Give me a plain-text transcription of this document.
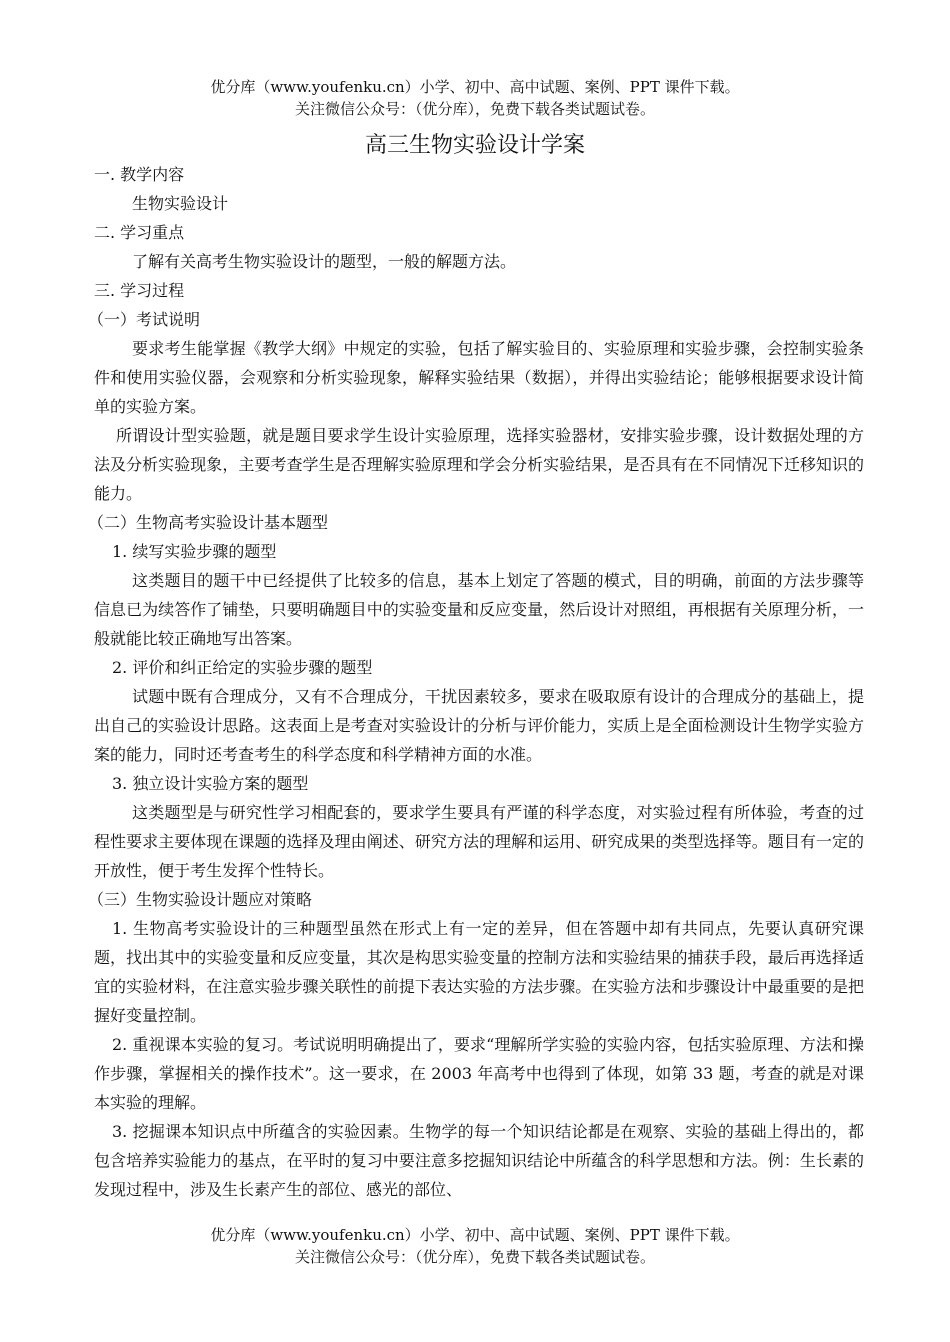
优分库（www.youfenku.cn）小学、初中、高中试题、案例、PPT 课件下载。
关注微信公众号：（优分库），免费下载各类试题试卷。
高三生物实验设计学案
一. 教学内容
生物实验设计
二. 学习重点
了解有关高考生物实验设计的题型，一般的解题方法。
三. 学习过程
（一）考试说明
要求考生能掌握《教学大纲》中规定的实验，包括了解实验目的、实验原理和实验步骤，会控制实验条件和使用实验仪器，会观察和分析实验现象，解释实验结果（数据），并得出实验结论；能够根据要求设计简单的实验方案。
所谓设计型实验题，就是题目要求学生设计实验原理，选择实验器材，安排实验步骤，设计数据处理的方法及分析实验现象，主要考查学生是否理解实验原理和学会分析实验结果，是否具有在不同情况下迁移知识的能力。
（二）生物高考实验设计基本题型
1. 续写实验步骤的题型
这类题目的题干中已经提供了比较多的信息，基本上划定了答题的模式，目的明确，前面的方法步骤等信息已为续答作了铺垫，只要明确题目中的实验变量和反应变量，然后设计对照组，再根据有关原理分析，一般就能比较正确地写出答案。
2. 评价和纠正给定的实验步骤的题型
试题中既有合理成分，又有不合理成分，干扰因素较多，要求在吸取原有设计的合理成分的基础上，提出自己的实验设计思路。这表面上是考查对实验设计的分析与评价能力，实质上是全面检测设计生物学实验方案的能力，同时还考查考生的科学态度和科学精神方面的水准。
3. 独立设计实验方案的题型
这类题型是与研究性学习相配套的，要求学生要具有严谨的科学态度，对实验过程有所体验，考查的过程性要求主要体现在课题的选择及理由阐述、研究方法的理解和运用、研究成果的类型选择等。题目有一定的开放性，便于考生发挥个性特长。
（三）生物实验设计题应对策略
1. 生物高考实验设计的三种题型虽然在形式上有一定的差异，但在答题中却有共同点，先要认真研究课题，找出其中的实验变量和反应变量，其次是构思实验变量的控制方法和实验结果的捕获手段，最后再选择适宜的实验材料，在注意实验步骤关联性的前提下表达实验的方法步骤。在实验方法和步骤设计中最重要的是把握好变量控制。
2. 重视课本实验的复习。考试说明明确提出了，要求“理解所学实验的实验内容，包括实验原理、方法和操作步骤，掌握相关的操作技术”。这一要求，在 2003 年高考中也得到了体现，如第 33 题，考查的就是对课本实验的理解。
3. 挖掘课本知识点中所蕴含的实验因素。生物学的每一个知识结论都是在观察、实验的基础上得出的，都包含培养实验能力的基点，在平时的复习中要注意多挖掘知识结论中所蕴含的科学思想和方法。例：生长素的发现过程中，涉及生长素产生的部位、感光的部位、
优分库（www.youfenku.cn）小学、初中、高中试题、案例、PPT 课件下载。
关注微信公众号：（优分库），免费下载各类试题试卷。
